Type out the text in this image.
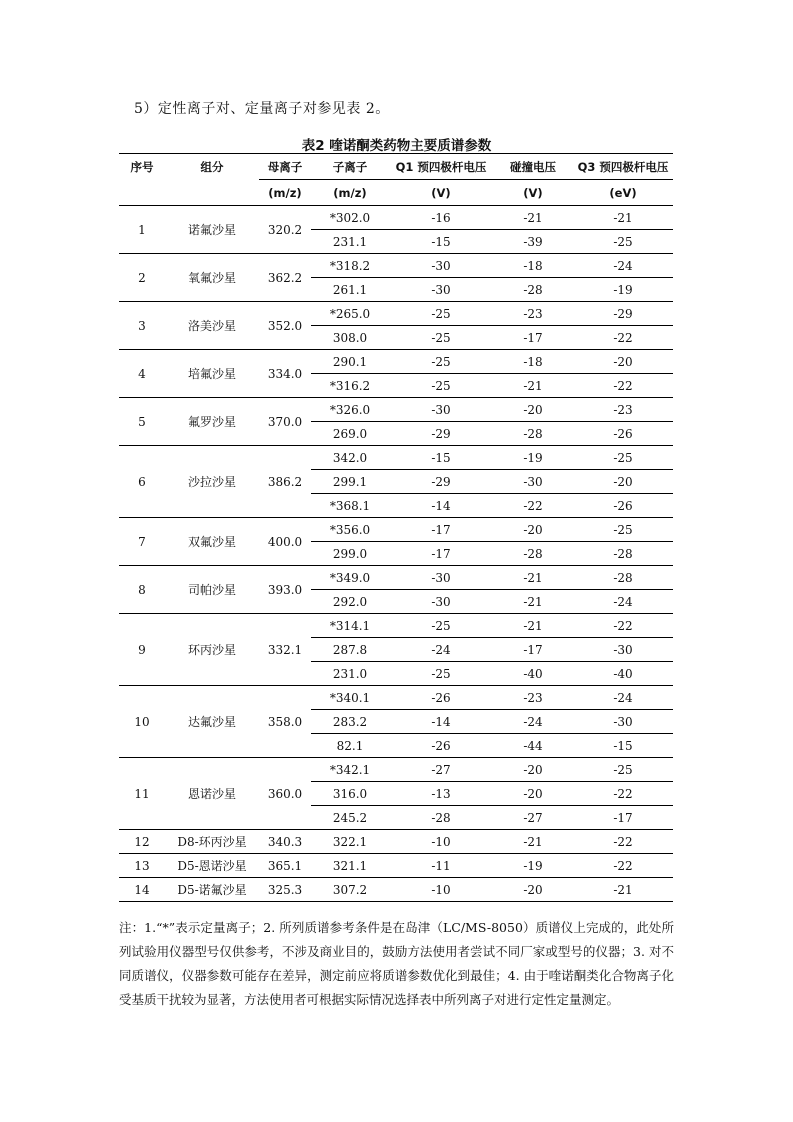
5）定性离子对、定量离子对参见表 2。
表2 喹诺酮类药物主要质谱参数
序号	组分	母离子	子离子	Q1 预四极杆电压	碰撞电压	Q3 预四极杆电压
		(m/z)	(m/z)	(V)	(V)	(eV)
1	诺氟沙星	320.2	*302.0	-16	-21	-21
			231.1	-15	-39	-25
2	氧氟沙星	362.2	*318.2	-30	-18	-24
			261.1	-30	-28	-19
3	洛美沙星	352.0	*265.0	-25	-23	-29
			308.0	-25	-17	-22
4	培氟沙星	334.0	290.1	-25	-18	-20
			*316.2	-25	-21	-22
5	氟罗沙星	370.0	*326.0	-30	-20	-23
			269.0	-29	-28	-26
6	沙拉沙星	386.2	342.0	-15	-19	-25
			299.1	-29	-30	-20
			*368.1	-14	-22	-26
7	双氟沙星	400.0	*356.0	-17	-20	-25
			299.0	-17	-28	-28
8	司帕沙星	393.0	*349.0	-30	-21	-28
			292.0	-30	-21	-24
9	环丙沙星	332.1	*314.1	-25	-21	-22
			287.8	-24	-17	-30
			231.0	-25	-40	-40
10	达氟沙星	358.0	*340.1	-26	-23	-24
			283.2	-14	-24	-30
			82.1	-26	-44	-15
11	恩诺沙星	360.0	*342.1	-27	-20	-25
			316.0	-13	-20	-22
			245.2	-28	-27	-17
12	D8-环丙沙星	340.3	322.1	-10	-21	-22
13	D5-恩诺沙星	365.1	321.1	-11	-19	-22
14	D5-诺氟沙星	325.3	307.2	-10	-20	-21
注：1.“*”表示定量离子；2. 所列质谱参考条件是在岛津（LC/MS-8050）质谱仪上完成的，此处所列试验用仪器型号仅供参考，不涉及商业目的，鼓励方法使用者尝试不同厂家或型号的仪器；3. 对不同质谱仪，仪器参数可能存在差异，测定前应将质谱参数优化到最佳；4. 由于喹诺酮类化合物离子化受基质干扰较为显著，方法使用者可根据实际情况选择表中所列离子对进行定性定量测定。
